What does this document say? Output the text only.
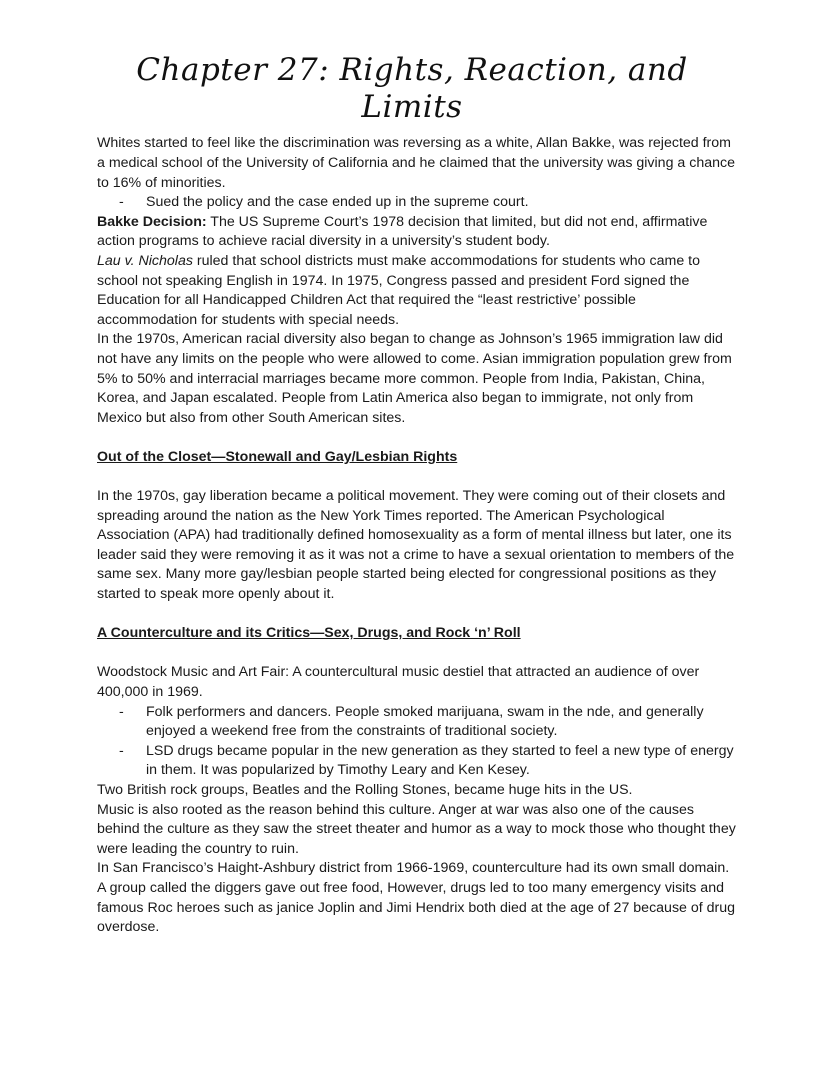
Chapter 27: Rights, Reaction, and Limits

Whites started to feel like the discrimination was reversing as a white, Allan Bakke, was rejected from a medical school of the University of California and he claimed that the university was giving a chance to 16% of minorities.

- Sued the policy and the case ended up in the supreme court.

Bakke Decision: The US Supreme Court’s 1978 decision that limited, but did not end, affirmative action programs to achieve racial diversity in a university’s student body.

Lau v. Nicholas ruled that school districts must make accommodations for students who came to school not speaking English in 1974. In 1975, Congress passed and president Ford signed the Education for all Handicapped Children Act that required the “least restrictive’ possible accommodation for students with special needs.

In the 1970s, American racial diversity also began to change as Johnson’s 1965 immigration law did not have any limits on the people who were allowed to come. Asian immigration population grew from 5% to 50% and interracial marriages became more common. People from India, Pakistan, China, Korea, and Japan escalated. People from Latin America also began to immigrate, not only from Mexico but also from other South American sites.

Out of the Closet—Stonewall and Gay/Lesbian Rights

In the 1970s, gay liberation became a political movement. They were coming out of their closets and spreading around the nation as the New York Times reported. The American Psychological Association (APA) had traditionally defined homosexuality as a form of mental illness but later, one its leader said they were removing it as it was not a crime to have a sexual orientation to members of the same sex. Many more gay/lesbian people started being elected for congressional positions as they started to speak more openly about it.

A Counterculture and its Critics—Sex, Drugs, and Rock ‘n’ Roll

Woodstock Music and Art Fair: A countercultural music destiel that attracted an audience of over 400,000 in 1969.

- Folk performers and dancers. People smoked marijuana, swam in the nde, and generally enjoyed a weekend free from the constraints of traditional society.
- LSD drugs became popular in the new generation as they started to feel a new type of energy in them. It was popularized by Timothy Leary and Ken Kesey.

Two British rock groups, Beatles and the Rolling Stones, became huge hits in the US.

Music is also rooted as the reason behind this culture. Anger at war was also one of the causes behind the culture as they saw the street theater and humor as a way to mock those who thought they were leading the country to ruin.

In San Francisco’s Haight-Ashbury district from 1966-1969, counterculture had its own small domain. A group called the diggers gave out free food, However, drugs led to too many emergency visits and famous Roc heroes such as janice Joplin and Jimi Hendrix both died at the age of 27 because of drug overdose.
